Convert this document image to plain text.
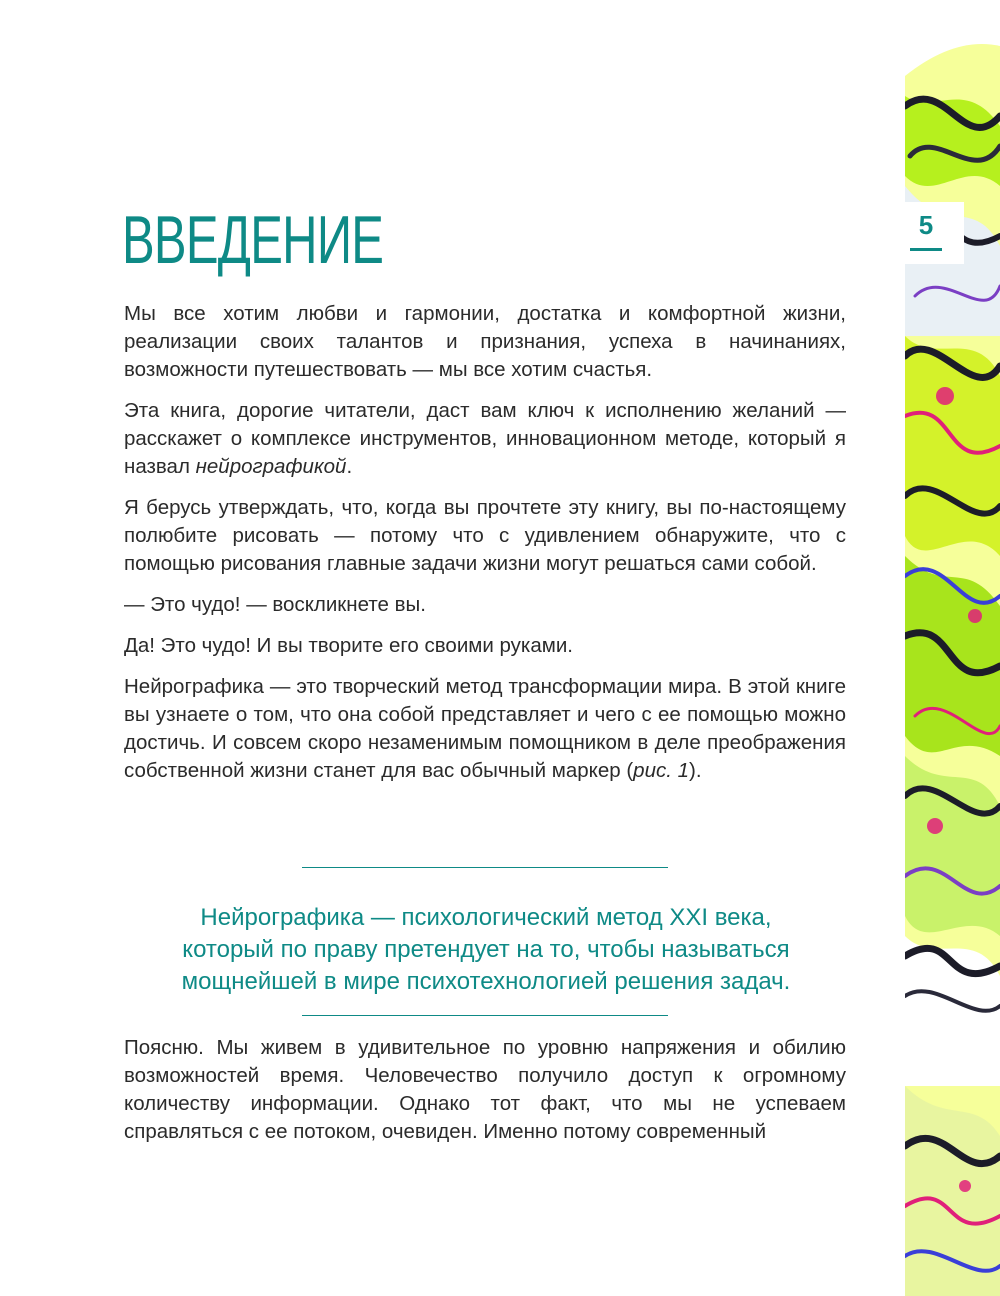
5
ВВЕДЕНИЕ

Мы все хотим любви и гармонии, достатка и комфортной жизни, реализации своих талантов и признания, успеха в начинаниях, возможности путешествовать — мы все хотим счастья.

Эта книга, дорогие читатели, даст вам ключ к исполнению желаний — расскажет о комплексе инструментов, инновационном методе, который я назвал нейрографикой.

Я берусь утверждать, что, когда вы прочтете эту книгу, вы по-настоящему полюбите рисовать — потому что с удивлением обнаружите, что с помощью рисования главные задачи жизни могут решаться сами собой.

— Это чудо! — воскликнете вы.

Да! Это чудо! И вы творите его своими руками.

Нейрографика — это творческий метод трансформации мира. В этой книге вы узнаете о том, что она собой представляет и чего с ее помощью можно достичь. И совсем скоро незаменимым помощником в деле преображения собственной жизни станет для вас обычный маркер (рис. 1).

Нейрографика — психологический метод XXI века, который по праву претендует на то, чтобы называться мощнейшей в мире психотехнологией решения задач.

Поясню. Мы живем в удивительное по уровню напряжения и обилию возможностей время. Человечество получило доступ к огромному количеству информации. Однако тот факт, что мы не успеваем справляться с ее потоком, очевиден. Именно потому современный
